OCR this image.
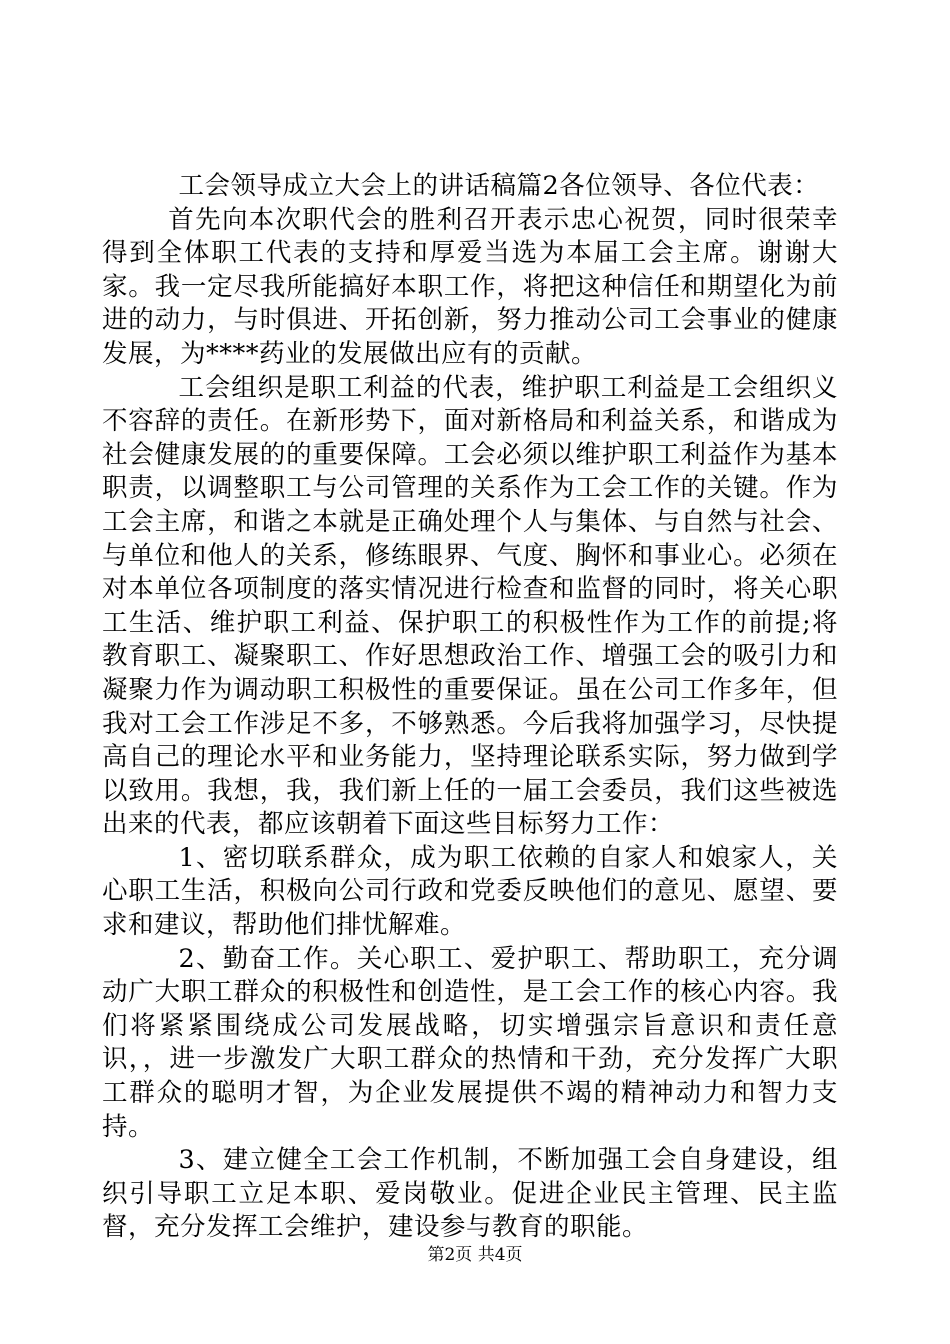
工会领导成立大会上的讲话稿篇2各位领导、各位代表：

首先向本次职代会的胜利召开表示忠心祝贺，同时很荣幸得到全体职工代表的支持和厚爱当选为本届工会主席。谢谢大家。我一定尽我所能搞好本职工作，将把这种信任和期望化为前进的动力，与时俱进、开拓创新，努力推动公司工会事业的健康发展，为****药业的发展做出应有的贡献。

工会组织是职工利益的代表，维护职工利益是工会组织义不容辞的责任。在新形势下，面对新格局和利益关系，和谐成为社会健康发展的的重要保障。工会必须以维护职工利益作为基本职责，以调整职工与公司管理的关系作为工会工作的关键。作为工会主席，和谐之本就是正确处理个人与集体、与自然与社会、与单位和他人的关系，修练眼界、气度、胸怀和事业心。必须在对本单位各项制度的落实情况进行检查和监督的同时，将关心职工生活、维护职工利益、保护职工的积极性作为工作的前提;将教育职工、凝聚职工、作好思想政治工作、增强工会的吸引力和凝聚力作为调动职工积极性的重要保证。虽在公司工作多年，但我对工会工作涉足不多，不够熟悉。今后我将加强学习，尽快提高自己的理论水平和业务能力，坚持理论联系实际，努力做到学以致用。我想，我，我们新上任的一届工会委员，我们这些被选出来的代表，都应该朝着下面这些目标努力工作：

1、密切联系群众，成为职工依赖的自家人和娘家人，关心职工生活，积极向公司行政和党委反映他们的意见、愿望、要求和建议，帮助他们排忧解难。

2、勤奋工作。关心职工、爱护职工、帮助职工，充分调动广大职工群众的积极性和创造性，是工会工作的核心内容。我们将紧紧围绕成公司发展战略，切实增强宗旨意识和责任意识，，进一步激发广大职工群众的热情和干劲，充分发挥广大职工群众的聪明才智，为企业发展提供不竭的精神动力和智力支持。

3、建立健全工会工作机制，不断加强工会自身建设，组织引导职工立足本职、爱岗敬业。促进企业民主管理、民主监督，充分发挥工会维护，建设参与教育的职能。

第2页 共4页
